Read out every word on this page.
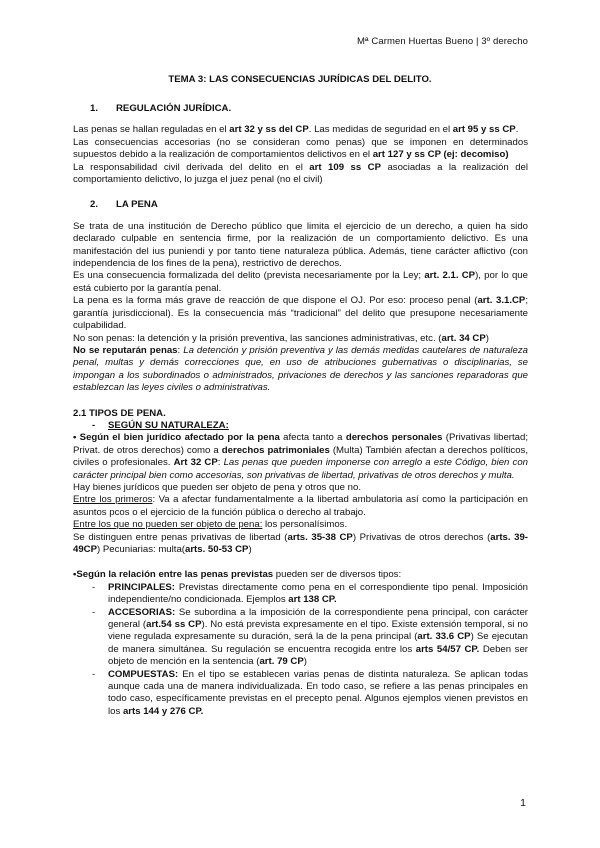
Mª Carmen Huertas Bueno | 3º derecho
TEMA 3: LAS CONSECUENCIAS JURÍDICAS DEL DELITO.
1. REGULACIÓN JURÍDICA.

Las penas se hallan reguladas en el art 32 y ss del CP. Las medidas de seguridad en el art 95 y ss CP.

Las consecuencias accesorias (no se consideran como penas) que se imponen en determinados supuestos debido a la realización de comportamientos delictivos en el art 127 y ss CP (ej: decomiso)

La responsabilidad civil derivada del delito en el art 109 ss CP asociadas a la realización del comportamiento delictivo, lo juzga el juez penal (no el civil)

2. LA PENA

Se trata de una institución de Derecho público que limita el ejercicio de un derecho, a quien ha sido declarado culpable en sentencia firme, por la realización de un comportamiento delictivo. Es una manifestación del ius puniendi y por tanto tiene naturaleza pública. Además, tiene carácter aflictivo (con independencia de los fines de la pena), restrictivo de derechos.

Es una consecuencia formalizada del delito (prevista necesariamente por la Ley; art. 2.1. CP), por lo que está cubierto por la garantía penal.

La pena es la forma más grave de reacción de que dispone el OJ. Por eso: proceso penal (art. 3.1.CP; garantía jurisdiccional). Es la consecuencia más “tradicional” del delito que presupone necesariamente culpabilidad.

No son penas: la detención y la prisión preventiva, las sanciones administrativas, etc. (art. 34 CP)

No se reputarán penas: La detención y prisión preventiva y las demás medidas cautelares de naturaleza penal, multas y demás correcciones que, en uso de atribuciones gubernativas o disciplinarias, se impongan a los subordinados o administrados, privaciones de derechos y las sanciones reparadoras que establezcan las leyes civiles o administrativas.

2.1 TIPOS DE PENA.
- SEGÚN SU NATURALEZA:

• Según el bien jurídico afectado por la pena afecta tanto a derechos personales (Privativas libertad; Privat. de otros derechos) como a derechos patrimoniales (Multa) También afectan a derechos políticos, civiles o profesionales. Art 32 CP: Las penas que pueden imponerse con arreglo a este Código, bien con carácter principal bien como accesorias, son privativas de libertad, privativas de otros derechos y multa.

Hay bienes jurídicos que pueden ser objeto de pena y otros que no.

Entre los primeros: Va a afectar fundamentalmente a la libertad ambulatoria así como la participación en asuntos pcos o el ejercicio de la función pública o derecho al trabajo.

Entre los que no pueden ser objeto de pena: los personalísimos.

Se distinguen entre penas privativas de libertad (arts. 35-38 CP) Privativas de otros derechos (arts. 39-49CP) Pecuniarias: multa(arts. 50-53 CP)

•Según la relación entre las penas previstas pueden ser de diversos tipos:

- PRINCIPALES: Previstas directamente como pena en el correspondiente tipo penal. Imposición independiente/no condicionada. Ejemplos art 138 CP.
- ACCESORIAS: Se subordina a la imposición de la correspondiente pena principal, con carácter general (art.54 ss CP). No está prevista expresamente en el tipo. Existe extensión temporal, si no viene regulada expresamente su duración, será la de la pena principal (art. 33.6 CP) Se ejecutan de manera simultánea. Su regulación se encuentra recogida entre los arts 54/57 CP. Deben ser objeto de mención en la sentencia (art. 79 CP)
- COMPUESTAS: En el tipo se establecen varias penas de distinta naturaleza. Se aplican todas aunque cada una de manera individualizada. En todo caso, se refiere a las penas principales en todo caso, específicamente previstas en el precepto penal. Algunos ejemplos vienen previstos en los arts 144 y 276 CP.
1
